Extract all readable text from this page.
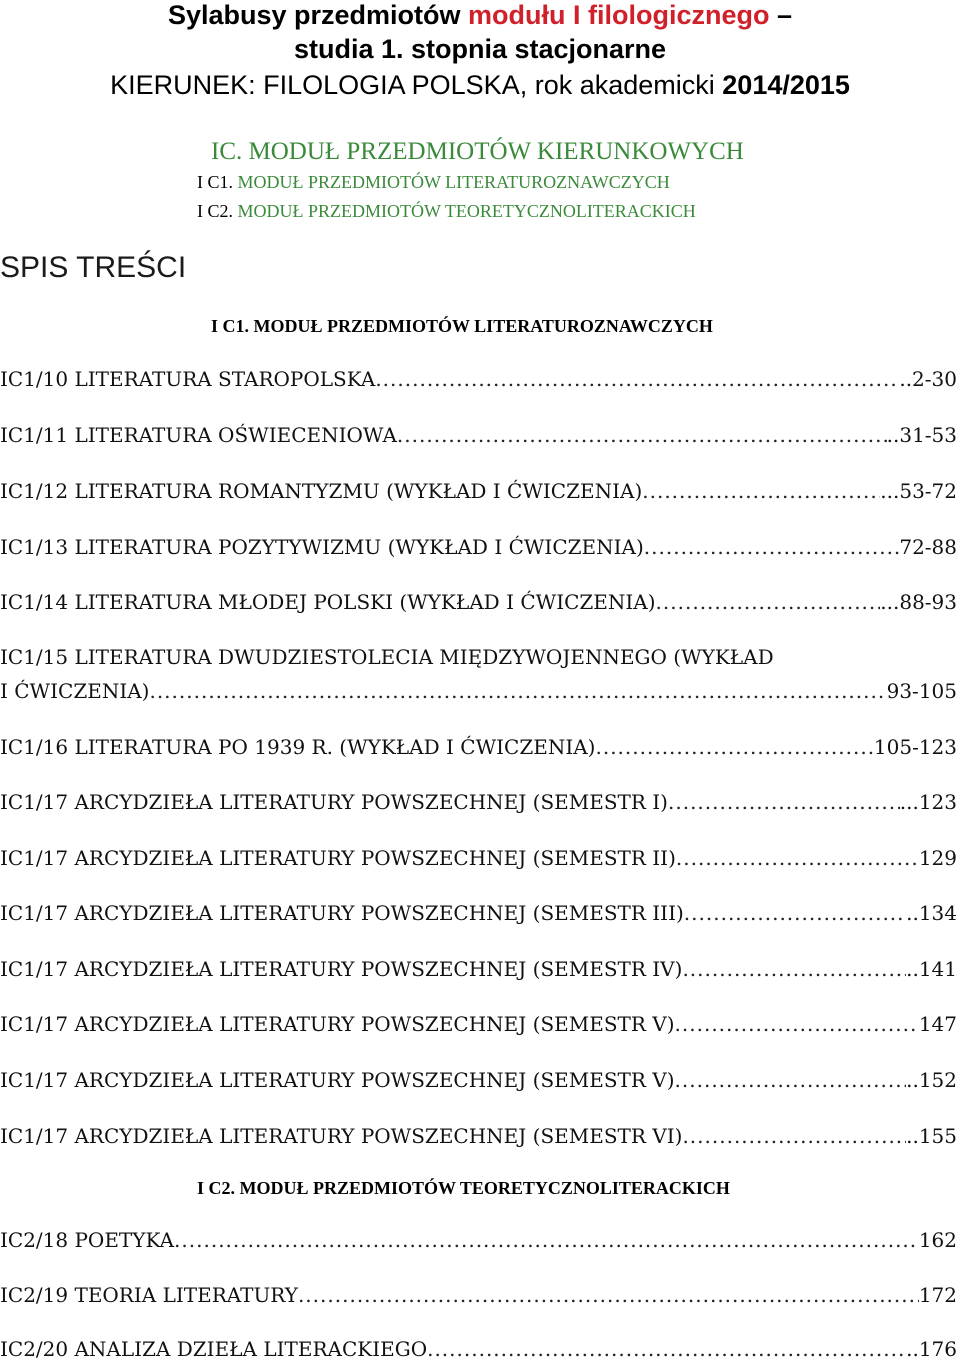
Sylabusy przedmiotów modułu I filologicznego –
studia 1. stopnia stacjonarne
KIERUNEK: FILOLOGIA POLSKA, rok akademicki 2014/2015
IC. MODUŁ PRZEDMIOTÓW KIERUNKOWYCH
I C1. MODUŁ PRZEDMIOTÓW LITERATUROZNAWCZYCH
I C2. MODUŁ PRZEDMIOTÓW TEORETYCZNOLITERACKICH
SPIS TREŚCI
I C1. MODUŁ PRZEDMIOTÓW LITERATUROZNAWCZYCH
IC1/10 LITERATURA STAROPOLSKA .....	..2-30
IC1/11 LITERATURA OŚWIECENIOWA .....	..31-53
IC1/12 LITERATURA ROMANTYZMU (WYKŁAD I ĆWICZENIA) .....	...53-72
IC1/13 LITERATURA POZYTYWIZMU (WYKŁAD I ĆWICZENIA) .....	72-88
IC1/14 LITERATURA MŁODEJ POLSKI (WYKŁAD I ĆWICZENIA) .....	...88-93
IC1/15 LITERATURA DWUDZIESTOLECIA MIĘDZYWOJENNEGO (WYKŁAD
I ĆWICZENIA) .....	93-105
IC1/16 LITERATURA PO 1939 R. (WYKŁAD I ĆWICZENIA) .....	105-123
IC1/17 ARCYDZIEŁA LITERATURY POWSZECHNEJ (SEMESTR I) .....	...123
IC1/17 ARCYDZIEŁA LITERATURY POWSZECHNEJ (SEMESTR II) .....	129
IC1/17 ARCYDZIEŁA LITERATURY POWSZECHNEJ (SEMESTR III) .....	..134
IC1/17 ARCYDZIEŁA LITERATURY POWSZECHNEJ (SEMESTR IV) .....	..141
IC1/17 ARCYDZIEŁA LITERATURY POWSZECHNEJ (SEMESTR V) .....	147
IC1/17 ARCYDZIEŁA LITERATURY POWSZECHNEJ (SEMESTR V) .....	..152
IC1/17 ARCYDZIEŁA LITERATURY POWSZECHNEJ (SEMESTR VI) .....	..155
I C2. MODUŁ PRZEDMIOTÓW TEORETYCZNOLITERACKICH
IC2/18 POETYKA .....	162
IC2/19 TEORIA LITERATURY .....	172
IC2/20 ANALIZA DZIEŁA LITERACKIEGO .....	..176
